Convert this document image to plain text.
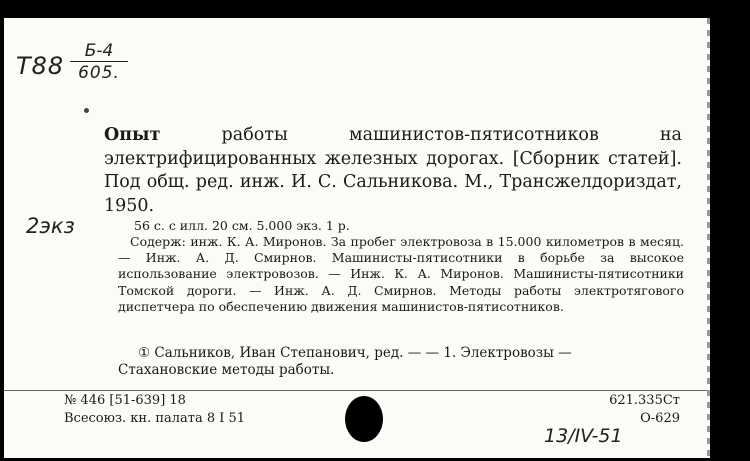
Т88
Б-4
605.
2экз
Опыт работы машинистов-пятисотников на электрифицированных железных дорогах. [Сборник статей]. Под общ. ред. инж. И. С. Сальникова. М., Трансжелдориздат, 1950.
56 с. с илл. 20 см. 5.000 экз. 1 р.
Содерж: инж. К. А. Миронов. За пробег электровоза в 15.000 километров в месяц. — Инж. А. Д. Смирнов. Машинисты-пятисотники в борьбе за высокое использование электровозов. — Инж. К. А. Миронов. Машинисты-пятисотники Томской дороги. — Инж. А. Д. Смирнов. Методы работы электротягового диспетчера по обеспечению движения машинистов-пятисотников.
① Сальников, Иван Степанович, ред. — — 1. Электровозы —
Стахановские методы работы.
№ 446 [51-639] 18
Всесоюз. кн. палата 8 I 51
621.335Ст
О-629
13/IV-51
